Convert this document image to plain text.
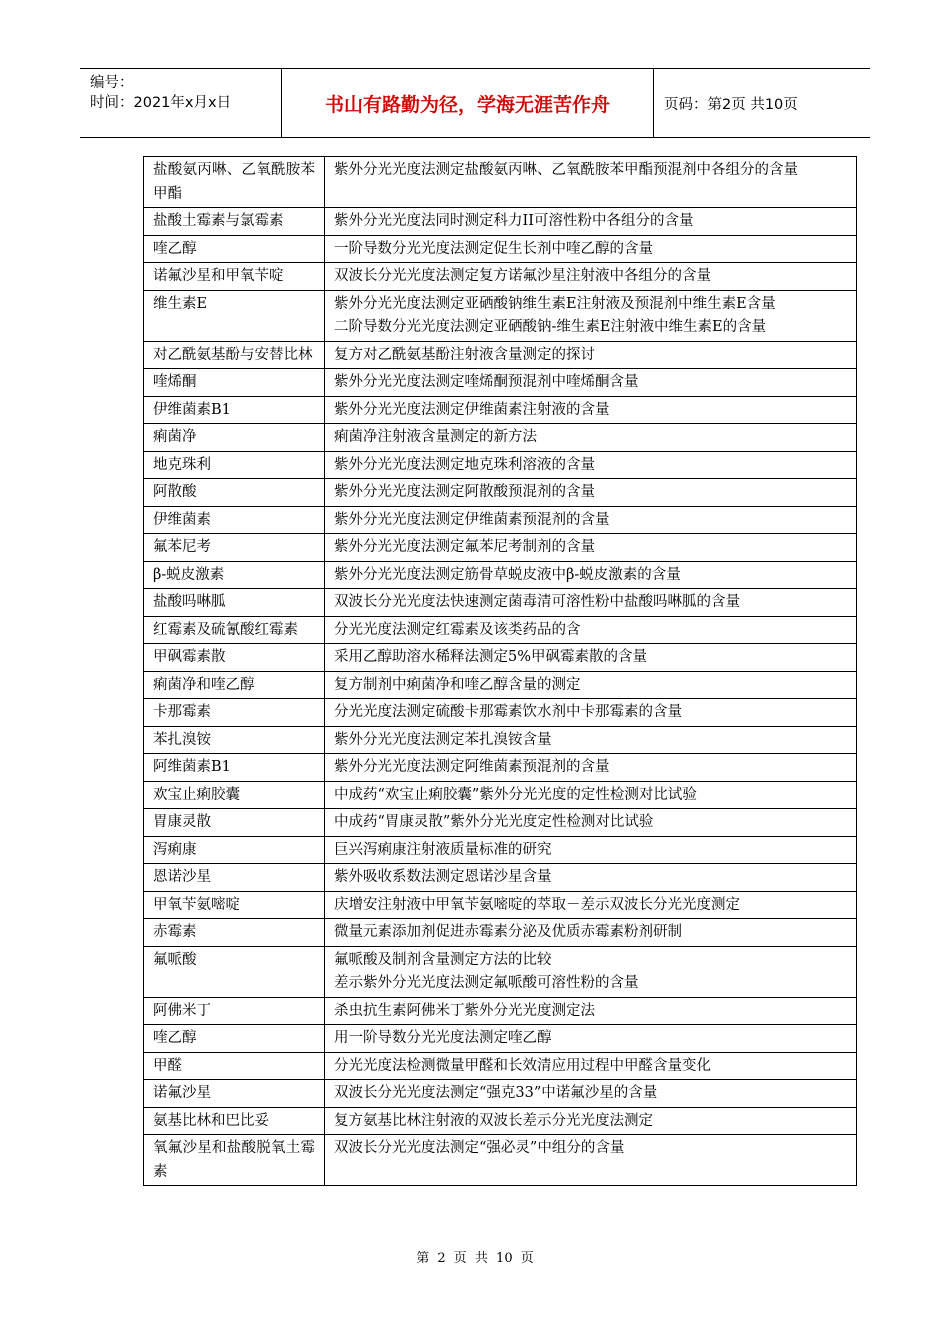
编号：
时间：2021年x月x日	书山有路勤为径，学海无涯苦作舟	页码：第2页 共10页
盐酸氨丙啉、乙氧酰胺苯甲酯	紫外分光光度法测定盐酸氨丙啉、乙氧酰胺苯甲酯预混剂中各组分的含量

盐酸土霉素与氯霉素	紫外分光光度法同时测定科力II可溶性粉中各组分的含量

喹乙醇	一阶导数分光光度法测定促生长剂中喹乙醇的含量

诺氟沙星和甲氧苄啶	双波长分光光度法测定复方诺氟沙星注射液中各组分的含量

维生素E	紫外分光光度法测定亚硒酸钠维生素E注射液及预混剂中维生素E含量
二阶导数分光光度法测定亚硒酸钠-维生素E注射液中维生素E的含量

对乙酰氨基酚与安替比林	复方对乙酰氨基酚注射液含量测定的探讨

喹烯酮	紫外分光光度法测定喹烯酮预混剂中喹烯酮含量

伊维菌素B1	紫外分光光度法测定伊维菌素注射液的含量

痢菌净	痢菌净注射液含量测定的新方法

地克珠利	紫外分光光度法测定地克珠利溶液的含量

阿散酸	紫外分光光度法测定阿散酸预混剂的含量

伊维菌素	紫外分光光度法测定伊维菌素预混剂的含量

氟苯尼考	紫外分光光度法测定氟苯尼考制剂的含量

β-蜕皮激素	紫外分光光度法测定筋骨草蜕皮液中β-蜕皮激素的含量

盐酸吗啉胍	双波长分光光度法快速测定菌毒清可溶性粉中盐酸吗啉胍的含量

红霉素及硫氰酸红霉素	分光光度法测定红霉素及该类药品的含

甲砜霉素散	采用乙醇助溶水稀释法测定5%甲砜霉素散的含量

痢菌净和喹乙醇	复方制剂中痢菌净和喹乙醇含量的测定

卡那霉素	分光光度法测定硫酸卡那霉素饮水剂中卡那霉素的含量

苯扎溴铵	紫外分光光度法测定苯扎溴铵含量

阿维菌素B1	紫外分光光度法测定阿维菌素预混剂的含量

欢宝止痢胶囊	中成药“欢宝止痢胶囊”紫外分光光度的定性检测对比试验

胃康灵散	中成药“胃康灵散”紫外分光光度定性检测对比试验

泻痢康	巨兴泻痢康注射液质量标准的研究

恩诺沙星	紫外吸收系数法测定恩诺沙星含量

甲氧苄氨嘧啶	庆增安注射液中甲氧苄氨嘧啶的萃取－差示双波长分光光度测定

赤霉素	微量元素添加剂促进赤霉素分泌及优质赤霉素粉剂研制

氟哌酸	氟哌酸及制剂含量测定方法的比较
差示紫外分光光度法测定氟哌酸可溶性粉的含量

阿佛米丁	杀虫抗生素阿佛米丁紫外分光光度测定法

喹乙醇	用一阶导数分光光度法测定喹乙醇

甲醛	分光光度法检测微量甲醛和长效清应用过程中甲醛含量变化

诺氟沙星	双波长分光光度法测定“强克33”中诺氟沙星的含量

氨基比林和巴比妥	复方氨基比林注射液的双波长差示分光光度法测定

氧氟沙星和盐酸脱氧土霉素	双波长分光光度法测定“强必灵”中组分的含量
第 2 页 共 10 页
